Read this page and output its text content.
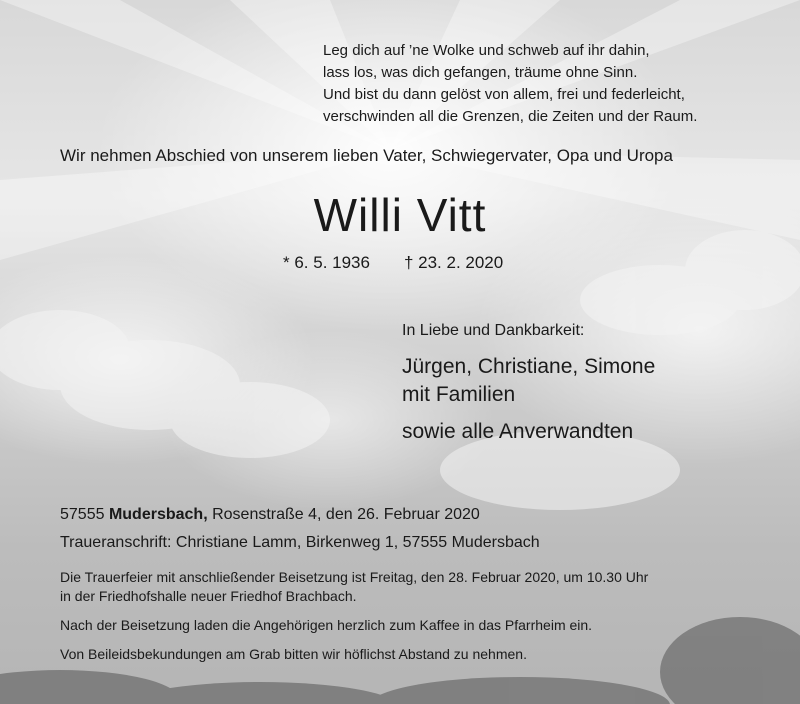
Leg dich auf ’ne Wolke und schweb auf ihr dahin,
lass los, was dich gefangen, träume ohne Sinn.
Und bist du dann gelöst von allem, frei und federleicht,
verschwinden all die Grenzen, die Zeiten und der Raum.
Wir nehmen Abschied von unserem lieben Vater, Schwiegervater, Opa und Uropa
Willi Vitt
* 6. 5. 1936 † 23. 2. 2020
In Liebe und Dankbarkeit:
Jürgen, Christiane, Simone
mit Familien
sowie alle Anverwandten
57555 Mudersbach, Rosenstraße 4, den 26. Februar 2020
Traueranschrift: Christiane Lamm, Birkenweg 1, 57555 Mudersbach

Die Trauerfeier mit anschließender Beisetzung ist Freitag, den 28. Februar 2020, um 10.30 Uhr

in der Friedhofshalle neuer Friedhof Brachbach.

Nach der Beisetzung laden die Angehörigen herzlich zum Kaffee in das Pfarrheim ein.

Von Beileidsbekundungen am Grab bitten wir höflichst Abstand zu nehmen.
